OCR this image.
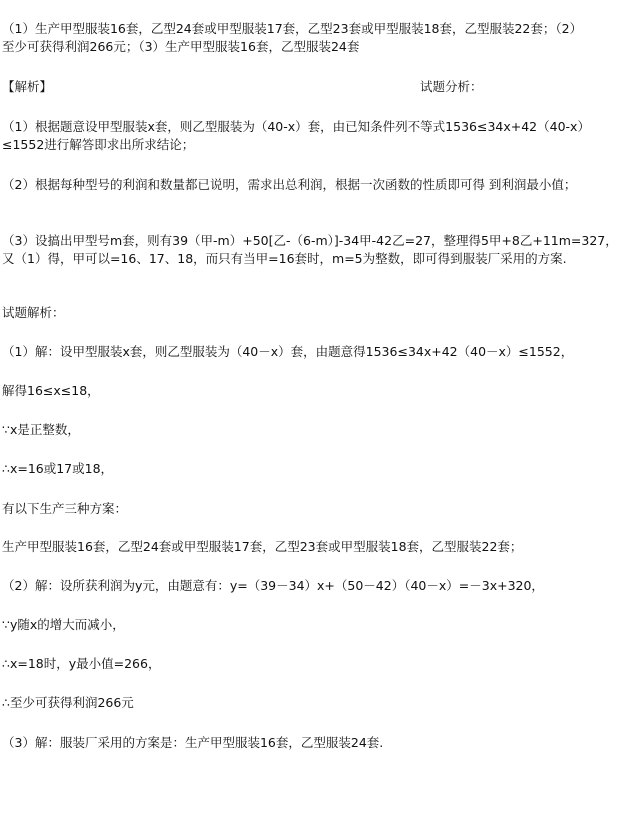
（1）生产甲型服装16套，乙型24套或甲型服装17套，乙型23套或甲型服装18套，乙型服装22套；（2）
至少可获得利润266元；（3）生产甲型服装16套，乙型服装24套
【解析】	试题分析：
（1）根据题意设甲型服装x套，则乙型服装为（40-x）套，由已知条件列不等式1536≤34x+42（40-x）≤1552进行解答即求出所求结论；
（2）根据每种型号的利润和数量都已说明，需求出总利润，根据一次函数的性质即可得 到利润最小值；
（3）设搞出甲型号m套，则有39（甲-m）+50[乙-（6-m）]-34甲-42乙=27，整理得5甲+8乙+11m=327，又（1）得，甲可以=16、17、18，而只有当甲=16套时，m=5为整数，即可得到服装厂采用的方案.
试题解析：
（1）解：设甲型服装x套，则乙型服装为（40－x）套，由题意得1536≤34x+42（40－x）≤1552，
解得16≤x≤18，
∵x是正整数，
∴x=16或17或18，
有以下生产三种方案：
生产甲型服装16套，乙型24套或甲型服装17套，乙型23套或甲型服装18套，乙型服装22套；
（2）解：设所获利润为y元，由题意有：y=（39－34）x+（50－42）（40－x）=－3x+320，
∵y随x的增大而减小，
∴x=18时，y最小值=266，
∴至少可获得利润266元
（3）解：服装厂采用的方案是：生产甲型服装16套，乙型服装24套.
